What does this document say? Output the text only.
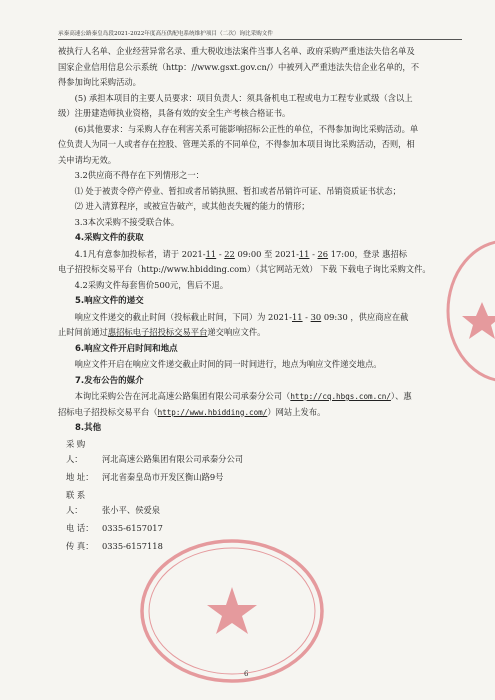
承秦高速公路秦皇岛段2021-2022年度高压供配电系统维护项目（二次）询比采购文件

被执行人名单、企业经营异常名录、重大税收违法案件当事人名单、政府采购严重违法失信名单及

国家企业信用信息公示系统（http：//www.gsxt.gov.cn/）中被列入严重违法失信企业名单的，不

得参加询比采购活动。

(5) 承担本项目的主要人员要求：项目负责人：须具备机电工程或电力工程专业贰级（含以上

级）注册建造师执业资格，具备有效的安全生产考核合格证书。

(6)其他要求：与采购人存在利害关系可能影响招标公正性的单位，不得参加询比采购活动。单

位负责人为同一人或者存在控股、管理关系的不同单位，不得参加本项目询比采购活动，否则，相

关申请均无效。

3.2供应商不得存在下列情形之一：

⑴ 处于被责令停产停业、暂扣或者吊销执照、暂扣或者吊销许可证、吊销资质证书状态；

⑵ 进入清算程序，或被宣告破产，或其他丧失履约能力的情形；

3.3本次采购不接受联合体。

4.采购文件的获取

4.1凡有意参加投标者，请于 2021-11 - 22 09:00 至 2021-11 - 26 17:00，登录 惠招标

电子招投标交易平台（http://www.hbidding.com）（其它网站无效） 下载 下载电子询比采购文件。

4.2采购文件每套售价500元，售后不退。

5.响应文件的递交

响应文件递交的截止时间（投标截止时间，下同）为 2021-11 - 30 09:30 ，供应商应在截

止时间前通过惠招标电子招投标交易平台递交响应文件。

6.响应文件开启时间和地点

响应文件开启在响应文件递交截止时间的同一时间进行，地点为响应文件递交地点。

7.发布公告的媒介

本询比采购公告在河北高速公路集团有限公司承秦分公司（http://cq.hbgs.com.cn/）、惠

招标电子招投标交易平台（http://www.hbidding.com/）网站上发布。

8.其他

采 购 人： 河北高速公路集团有限公司承秦分公司

地 址： 河北省秦皇岛市开发区衡山路9号

联 系 人： 张小平、侯爱泉

电 话： 0335-6157017

传 真： 0335-6157118

6
